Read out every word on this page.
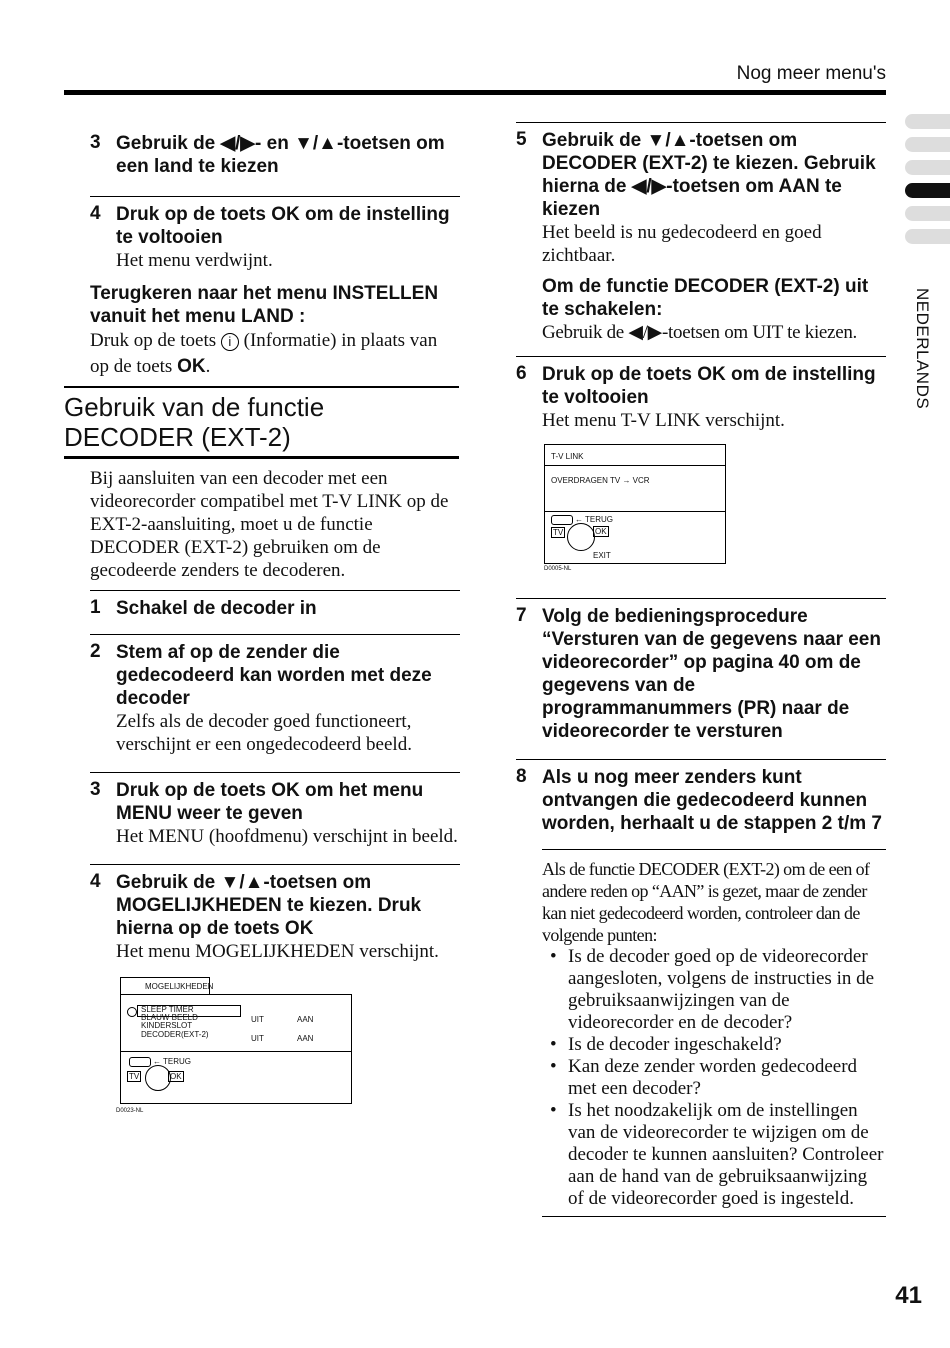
Nog meer menu's
NEDERLANDS
41
3 Gebruik de ◀/▶- en ▼/▲-toetsen om een land te kiezen
4 Druk op de toets OK om de instelling te voltooien
Het menu verdwijnt.
Terugkeren naar het menu INSTELLEN vanuit het menu LAND :
Druk op de toets i (Informatie) in plaats van op de toets OK.
Gebruik van de functie
DECODER (EXT-2)
Bij aansluiten van een decoder met een videorecorder compatibel met T-V LINK op de EXT-2-aansluiting, moet u de functie DECODER (EXT-2) gebruiken om de gecodeerde zenders te decoderen.
1 Schakel de decoder in
2 Stem af op de zender die gedecodeerd kan worden met deze decoder
Zelfs als de decoder goed functioneert, verschijnt er een ongedecodeerd beeld.
3 Druk op de toets OK om het menu MENU weer te geven
Het MENU (hoofdmenu) verschijnt in beeld.
4 Gebruik de ▼/▲-toetsen om MOGELIJKHEDEN te kiezen. Druk hierna op de toets OK
Het menu MOGELIJKHEDEN verschijnt.
MOGELIJKHEDEN
SLEEP TIMER
BLAUW BEELD
KINDERSLOT
DECODER(EXT-2)
UIT	AAN
UIT	AAN
← TERUG
TV	OK
D0023-NL
5 Gebruik de ▼/▲-toetsen om DECODER (EXT-2) te kiezen. Gebruik hierna de ◀/▶-toetsen om AAN te kiezen
Het beeld is nu gedecodeerd en goed zichtbaar.
Om de functie DECODER (EXT-2) uit te schakelen:
Gebruik de ◀/▶-toetsen om UIT te kiezen.
6 Druk op de toets OK om de instelling te voltooien
Het menu T-V LINK verschijnt.
T-V LINK
OVERDRAGEN TV → VCR
← TERUG
TV	OK
EXIT
D0005-NL
7 Volg de bedieningsprocedure “Versturen van de gegevens naar een videorecorder” op pagina 40 om de gegevens van de programmanummers (PR) naar de videorecorder te versturen
8 Als u nog meer zenders kunt ontvangen die gedecodeerd kunnen worden, herhaalt u de stappen 2 t/m 7
Als de functie DECODER (EXT-2) om de een of andere reden op “AAN” is gezet, maar de zender kan niet gedecodeerd worden, controleer dan de volgende punten:
• Is de decoder goed op de videorecorder aangesloten, volgens de instructies in de gebruiksaanwijzingen van de videorecorder en de decoder?
• Is de decoder ingeschakeld?
• Kan deze zender worden gedecodeerd met een decoder?
• Is het noodzakelijk om de instellingen van de videorecorder te wijzigen om de decoder te kunnen aansluiten? Controleer aan de hand van de gebruiksaanwijzing of de videorecorder goed is ingesteld.
